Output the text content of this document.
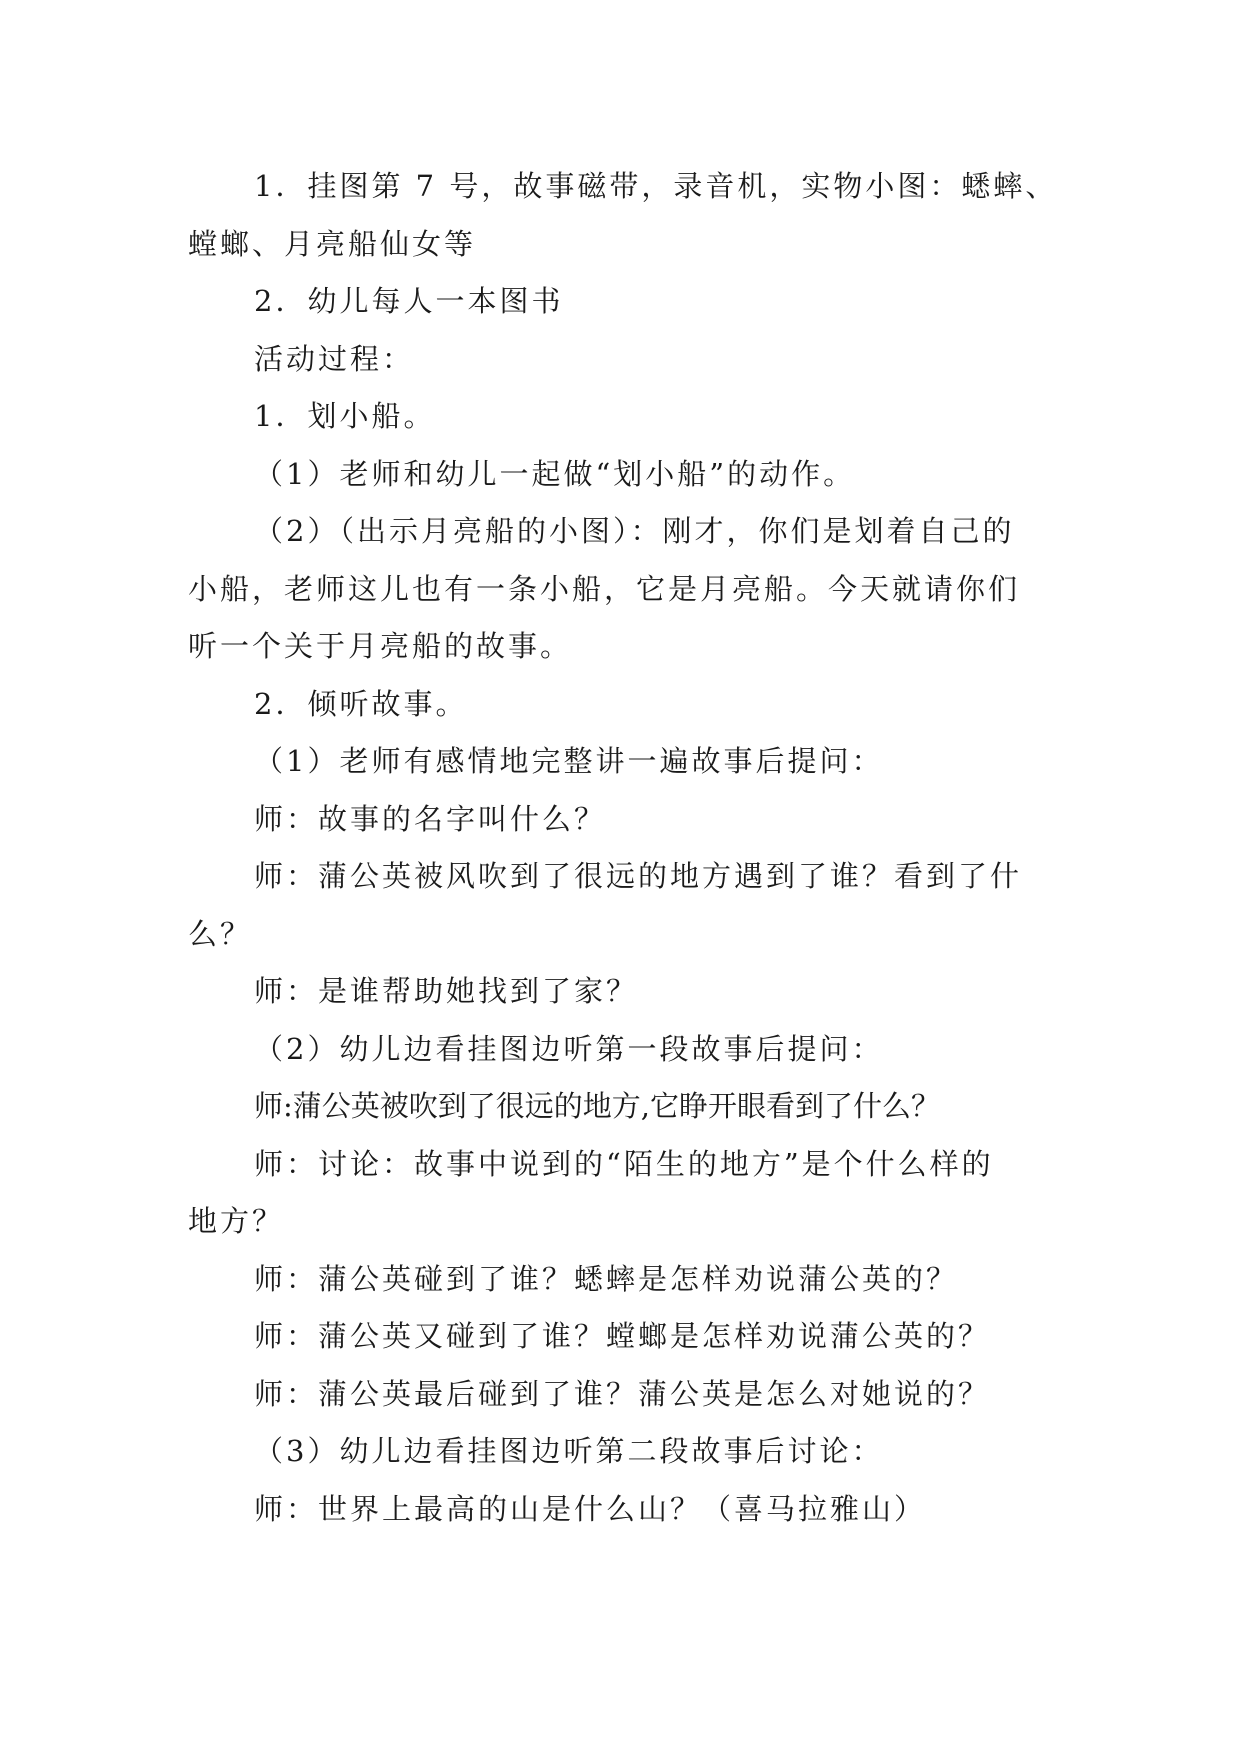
1．挂图第 7 号，故事磁带，录音机，实物小图：蟋蟀、
螳螂、月亮船仙女等
2．幼儿每人一本图书
活动过程：
1．划小船。
（1）老师和幼儿一起做“划小船”的动作。
（2）（出示月亮船的小图）：刚才，你们是划着自己的
小船，老师这儿也有一条小船，它是月亮船。今天就请你们
听一个关于月亮船的故事。
2．倾听故事。
（1）老师有感情地完整讲一遍故事后提问：
师：故事的名字叫什么？
师：蒲公英被风吹到了很远的地方遇到了谁？看到了什
么？
师：是谁帮助她找到了家？
（2）幼儿边看挂图边听第一段故事后提问：
师:蒲公英被吹到了很远的地方,它睁开眼看到了什么？
师：讨论：故事中说到的“陌生的地方”是个什么样的
地方？
师：蒲公英碰到了谁？蟋蟀是怎样劝说蒲公英的？
师：蒲公英又碰到了谁？螳螂是怎样劝说蒲公英的？
师：蒲公英最后碰到了谁？蒲公英是怎么对她说的？
（3）幼儿边看挂图边听第二段故事后讨论：
师：世界上最高的山是什么山？（喜马拉雅山）
